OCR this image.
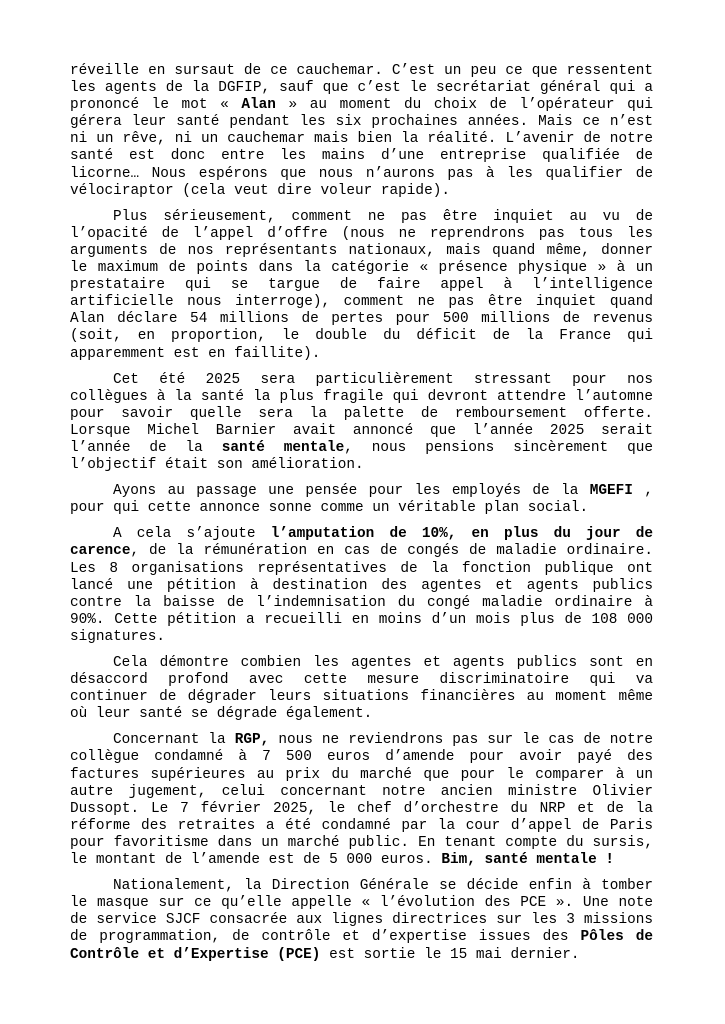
réveille en sursaut de ce cauchemar. C’est un peu ce que ressentent les agents de la DGFIP, sauf que c’est le secrétariat général qui a prononcé le mot « Alan » au moment du choix de l’opérateur qui gérera leur santé pendant les six prochaines années. Mais ce n’est ni un rêve, ni un cauchemar mais bien la réalité. L’avenir de notre santé est donc entre les mains d’une entreprise qualifiée de licorne… Nous espérons que nous n’aurons pas à les qualifier de vélociraptor (cela veut dire voleur rapide).

Plus sérieusement, comment ne pas être inquiet au vu de l’opacité de l’appel d’offre (nous ne reprendrons pas tous les arguments de nos représentants nationaux, mais quand même, donner le maximum de points dans la catégorie « présence physique » à un prestataire qui se targue de faire appel à l’intelligence artificielle nous interroge), comment ne pas être inquiet quand Alan déclare 54 millions de pertes pour 500 millions de revenus (soit, en proportion, le double du déficit de la France qui apparemment est en faillite).

Cet été 2025 sera particulièrement stressant pour nos collègues à la santé la plus fragile qui devront attendre l’automne pour savoir quelle sera la palette de remboursement offerte. Lorsque Michel Barnier avait annoncé que l’année 2025 serait l’année de la santé mentale, nous pensions sincèrement que l’objectif était son amélioration.

Ayons au passage une pensée pour les employés de la MGEFI , pour qui cette annonce sonne comme un véritable plan social.

A cela s’ajoute l’amputation de 10%, en plus du jour de carence, de la rémunération en cas de congés de maladie ordinaire. Les 8 organisations représentatives de la fonction publique ont lancé une pétition à destination des agentes et agents publics contre la baisse de l’indemnisation du congé maladie ordinaire à 90%. Cette pétition a recueilli en moins d’un mois plus de 108 000 signatures.

Cela démontre combien les agentes et agents publics sont en désaccord profond avec cette mesure discriminatoire qui va continuer de dégrader leurs situations financières au moment même où leur santé se dégrade également.

Concernant la RGP, nous ne reviendrons pas sur le cas de notre collègue condamné à 7 500 euros d’amende pour avoir payé des factures supérieures au prix du marché que pour le comparer à un autre jugement, celui concernant notre ancien ministre Olivier Dussopt. Le 7 février 2025, le chef d’orchestre du NRP et de la réforme des retraites a été condamné par la cour d’appel de Paris pour favoritisme dans un marché public. En tenant compte du sursis, le montant de l’amende est de 5 000 euros. Bim, santé mentale !

Nationalement, la Direction Générale se décide enfin à tomber le masque sur ce qu’elle appelle « l’évolution des PCE ». Une note de service SJCF consacrée aux lignes directrices sur les 3 missions de programmation, de contrôle et d’expertise issues des Pôles de Contrôle et d’Expertise (PCE) est sortie le 15 mai dernier.
